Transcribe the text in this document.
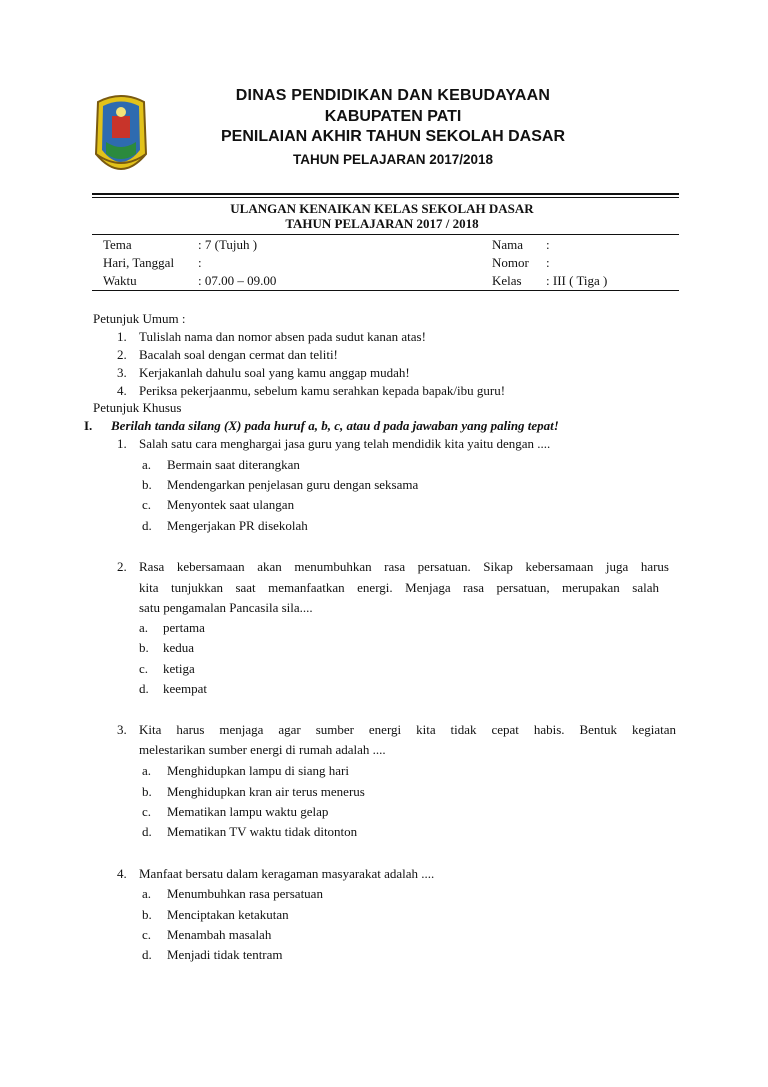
DINAS PENDIDIKAN DAN KEBUDAYAAN
KABUPATEN PATI
PENILAIAN AKHIR TAHUN SEKOLAH DASAR
TAHUN PELAJARAN 2017/2018
ULANGAN KENAIKAN KELAS SEKOLAH DASAR
TAHUN PELAJARAN 2017 / 2018
Tema	: 7 (Tujuh )
Hari, Tanggal :
Waktu	: 07.00 – 09.00
Nama :
Nomor :
Kelas : III ( Tiga )
Petunjuk Umum :
1. Tulislah nama dan nomor absen pada sudut kanan atas!
2. Bacalah soal dengan cermat dan teliti!
3. Kerjakanlah dahulu soal yang kamu anggap mudah!
4. Periksa pekerjaanmu, sebelum kamu serahkan kepada bapak/ibu guru!
Petunjuk Khusus
I. Berilah tanda silang (X) pada huruf a, b, c, atau d pada jawaban yang paling tepat!
1. Salah satu cara menghargai jasa guru yang telah mendidik kita yaitu dengan ....
a. Bermain saat diterangkan
b. Mendengarkan penjelasan guru dengan seksama
c. Menyontek saat ulangan
d. Mengerjakan PR disekolah
2. Rasa kebersamaan akan menumbuhkan rasa persatuan. Sikap kebersamaan juga harus
kita tunjukkan saat memanfaatkan energi. Menjaga rasa persatuan, merupakan salah
satu pengamalan Pancasila sila....
a. pertama
b. kedua
c. ketiga
d. keempat
3. Kita harus menjaga agar sumber energi kita tidak cepat habis. Bentuk kegiatan
melestarikan sumber energi di rumah adalah ....
a. Menghidupkan lampu di siang hari
b. Menghidupkan kran air terus menerus
c. Mematikan lampu waktu gelap
d. Mematikan TV waktu tidak ditonton
4. Manfaat bersatu dalam keragaman masyarakat adalah ....
a. Menumbuhkan rasa persatuan
b. Menciptakan ketakutan
c. Menambah masalah
d. Menjadi tidak tentram
